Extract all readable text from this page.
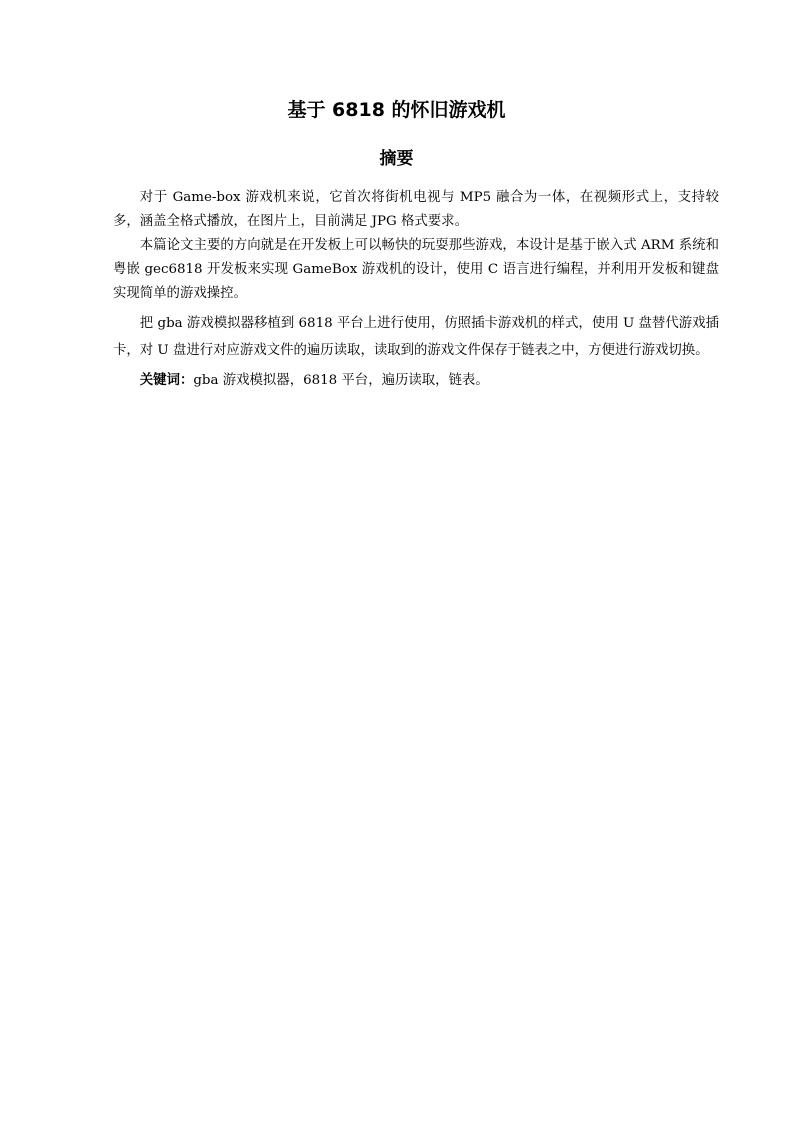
基于 6818 的怀旧游戏机
摘要

对于 Game-box 游戏机来说，它首次将街机电视与 MP5 融合为一体，在视频形式上，支持较多，涵盖全格式播放，在图片上，目前满足 JPG 格式要求。

本篇论文主要的方向就是在开发板上可以畅快的玩耍那些游戏，本设计是基于嵌入式 ARM 系统和粤嵌 gec6818 开发板来实现 GameBox 游戏机的设计，使用 C 语言进行编程，并利用开发板和键盘实现简单的游戏操控。

把 gba 游戏模拟器移植到 6818 平台上进行使用，仿照插卡游戏机的样式，使用 U 盘替代游戏插卡，对 U 盘进行对应游戏文件的遍历读取，读取到的游戏文件保存于链表之中，方便进行游戏切换。

关键词：gba 游戏模拟器，6818 平台，遍历读取，链表。
